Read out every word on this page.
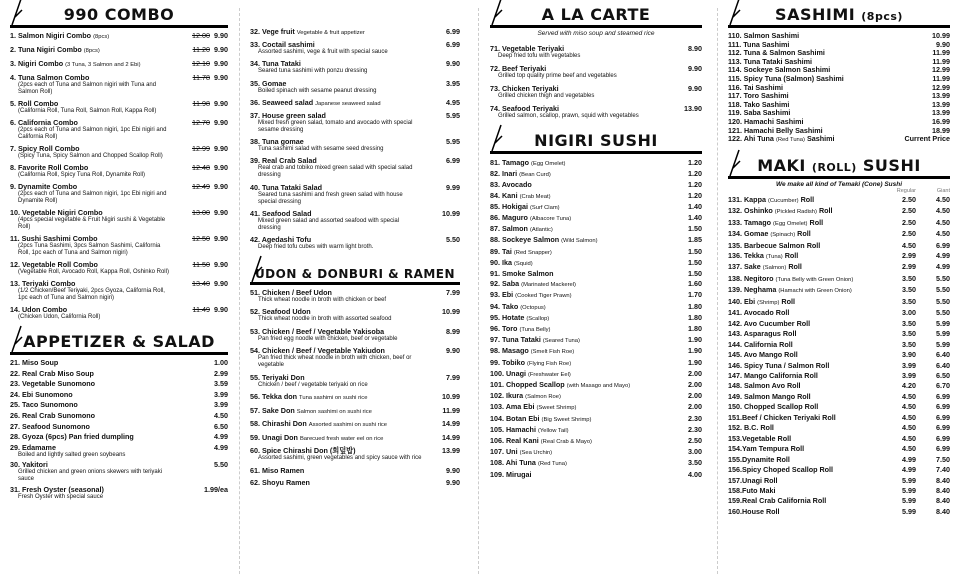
990 COMBO
1. Salmon Nigiri Combo (8pcs)	12.00 9.90
2. Tuna Nigiri Combo (8pcs)	11.20 9.90
3. Nigiri Combo (3 Tuna, 3 Salmon and 2 Ebi)	12.10 9.90
4. Tuna Salmon Combo	11.78 9.90
(2pcs each of Tuna and Salmon nigiri with Tuna and Salmon Roll)
5. Roll Combo	11.98 9.90
(California Roll, Tuna Roll, Salmon Roll, Kappa Roll)
6. California Combo	12.70 9.90
(2pcs each of Tuna and Salmon nigiri, 1pc Ebi nigiri and California Roll)
7. Spicy Roll Combo	12.99 9.90
(Spicy Tuna, Spicy Salmon and Chopped Scallop Roll)
8. Favorite Roll Combo	12.48 9.90
(California Roll, Spicy Tuna Roll, Dynamite Roll)
9. Dynamite Combo	12.49 9.90
(2pcs each of Tuna and Salmon nigiri, 1pc Ebi nigiri and Dynamite Roll)
10. Vegetable Nigiri Combo	13.00 9.90
(4pcs special vegetable & Fruit Nigiri sushi & Vegetable Roll)
11. Sushi Sashimi Combo	12.50 9.90
(2pcs Tuna Sashimi, 3pcs Salmon Sashimi, California Roll, 1pc each of Tuna and Salmon nigiri)
12. Vegetable Roll Combo	11.50 9.90
(Vegetable Roll, Avocado Roll, Kappa Roll, Oshinko Roll)
13. Teriyaki Combo	13.40 9.90
(1/2 Chicken/Beef Teriyaki, 2pcs Gyoza, California Roll, 1pc each of Tuna and Salmon nigiri)
14. Udon Combo	11.49 9.90
(Chicken Udon, California Roll)
APPETIZER & SALAD
21. Miso Soup	1.00
22. Real Crab Miso Soup	2.99
23. Vegetable Sunomono	3.59
24. Ebi Sunomono	3.99
25. Taco Sunomono	3.99
26. Real Crab Sunomono	4.50
27. Seafood Sunomono	6.50
28. Gyoza (6pcs) Pan fried dumpling	4.99
29. Edamame	4.99
Boiled and lightly salted green soybeans
30. Yakitori	5.50
Grilled chicken and green onions skewers with teriyaki sauce
31. Fresh Oyster (seasonal)	1.99/ea
Fresh Oyster with special sauce
32. Vege fruit Vegetable & fruit appetizer	6.99
33. Coctail sashimi	6.99
Assorted sashimi, vege & fruit with special sauce
34. Tuna Tataki	9.90
Seared tuna sashimi with ponzu dressing
35. Gomae	3.95
Boiled spinach with sesame peanut dressing
36. Seaweed salad Japanese seaweed salad	4.95
37. House green salad	5.95
Mixed fresh green salad, tomato and avocado with special sesame dressing
38. Tuna gomae	5.95
Tuna sashimi salad with sesame seed dressing
39. Real Crab Salad	6.99
Real crab and tobiko mixed green salad with special salad dressing
40. Tuna Tataki Salad	9.99
Seared tuna sashimi and fresh green salad with house special dressing
41. Seafood Salad	10.99
Mixed green salad and assorted seafood with special dressing
42. Agedashi Tofu	5.50
Deep fried tofu cubes with warm light broth.
UDON & DONBURI & RAMEN
51. Chicken / Beef Udon	7.99
Thick wheat noodle in broth with chicken or beef
52. Seafood Udon	10.99
Thick wheat noodle in broth with assorted seafood
53. Chicken / Beef / Vegetable Yakisoba	8.99
Pan fried egg noodle with chicken, beef or vegetable
54. Chicken / Beef / Vegetable Yakiudon	9.90
Pan fried thick wheat noodle in broth with chicken, beef or vegetable
55. Teriyaki Don	7.99
Chicken / beef / vegetable teriyaki on rice
56. Tekka don Tuna sashimi on sushi rice	10.99
57. Sake Don Salmon sashimi on sushi rice	11.99
58. Chirashi Don Assorted sashimi on sushi rice	14.99
59. Unagi Don Barecued fresh water eel on rice	14.99
60. Spice Chirashi Don (회덮밥)	13.99
Assorted sashimi, green vegetables and spicy sauce with rice
61. Miso Ramen	9.90
62. Shoyu Ramen	9.90
A LA CARTE
Served with miso soup and steamed rice
71. Vegetable Teriyaki	8.90
Deep fried tofu with vegetables
72. Beef Teriyaki	9.90
Grilled top quality prime beef and vegetables
73. Chicken Teriyaki	9.90
Grilled chicken thigh and vegetables
74. Seafood Teriyaki	13.90
Grilled salmon, scallop, prawn, squid with vegetables
NIGIRI SUSHI
81. Tamago (Egg Omelet)	1.20
82. Inari (Bean Curd)	1.20
83. Avocado	1.20
84. Kani (Crab Meat)	1.20
85. Hokigai (Surf Clam)	1.40
86. Maguro (Albacore Tuna)	1.40
87. Salmon (Atlantic)	1.50
88. Sockeye Salmon (Wild Salmon)	1.85
89. Tai (Red Snapper)	1.50
90. Ika (Squid)	1.50
91. Smoke Salmon	1.50
92. Saba (Marinated Mackerel)	1.60
93. Ebi (Cooked Tiger Prawn)	1.70
94. Tako (Octopus)	1.80
95. Hotate (Scallop)	1.80
96. Toro (Tuna Belly)	1.80
97. Tuna Tataki (Seared Tuna)	1.90
98. Masago (Smelt Fish Roe)	1.90
99. Tobiko (Flying Fish Roe)	1.90
100. Unagi (Freshwater Eel)	2.00
101. Chopped Scallop (with Masago and Mayo)	2.00
102. Ikura (Salmon Roe)	2.00
103. Ama Ebi (Sweet Shrimp)	2.00
104. Botan Ebi (Big Sweet Shrimp)	2.30
105. Hamachi (Yellow Tail)	2.30
106. Real Kani (Real Crab & Mayo)	2.50
107. Uni (Sea Urchin)	3.00
108. Ahi Tuna (Red Tuna)	3.50
109. Mirugai	4.00
SASHIMI (8pcs)
110. Salmon Sashimi	10.99
111. Tuna Sashimi	9.90
112. Tuna & Salmon Sashimi	11.99
113. Tuna Tataki Sashimi	11.99
114. Sockeye Salmon Sashimi	12.99
115. Spicy Tuna (Salmon) Sashimi	11.99
116. Tai Sashimi	12.99
117. Toro Sashimi	13.99
118. Tako Sashimi	13.99
119. Saba Sashimi	13.99
120. Hamachi Sashimi	16.99
121. Hamachi Belly Sashimi	18.99
122. Ahi Tuna (Red Tuna) Sashimi	Current Price
MAKI (ROLL) SUSHI
We make all kind of Temaki (Cone) Sushi
Regular	Giant
131. Kappa (Cucumber) Roll	2.50	4.50
132. Oshinko (Pickled Radish) Roll	2.50	4.50
133. Tamago (Egg Omelet) Roll	2.50	4.50
134. Gomae (Spinach) Roll	2.50	4.50
135. Barbecue Salmon Roll	4.50	6.99
136. Tekka (Tuna) Roll	2.99	4.99
137. Sake (Salmon) Roll	2.99	4.99
138. Negitoro (Tuna Belly with Green Onion)	3.50	5.50
139. Neghama (Hamachi with Green Onion)	3.50	5.50
140. Ebi (Shrimp) Roll	3.50	5.50
141. Avocado Roll	3.00	5.50
142. Avo Cucumber Roll	3.50	5.99
143. Asparagus Roll	3.50	5.99
144. California Roll	3.50	5.99
145. Avo Mango Roll	3.90	6.40
146. Spicy Tuna / Salmon Roll	3.99	6.40
147. Mango California Roll	3.99	6.50
148. Salmon Avo Roll	4.20	6.70
149. Salmon Mango Roll	4.50	6.99
150. Chopped Scallop Roll	4.50	6.99
151.Beef / Chicken Teriyaki Roll	4.50	6.99
152. B.C. Roll	4.50	6.99
153.Vegetable Roll	4.50	6.99
154.Yam Tempura Roll	4.50	6.99
155.Dynamite Roll	4.99	7.50
156.Spicy Choped Scallop Roll	4.99	7.40
157.Unagi Roll	5.99	8.40
158.Futo Maki	5.99	8.40
159.Real Crab California Roll	5.99	8.40
160.House Roll	5.99	8.40
